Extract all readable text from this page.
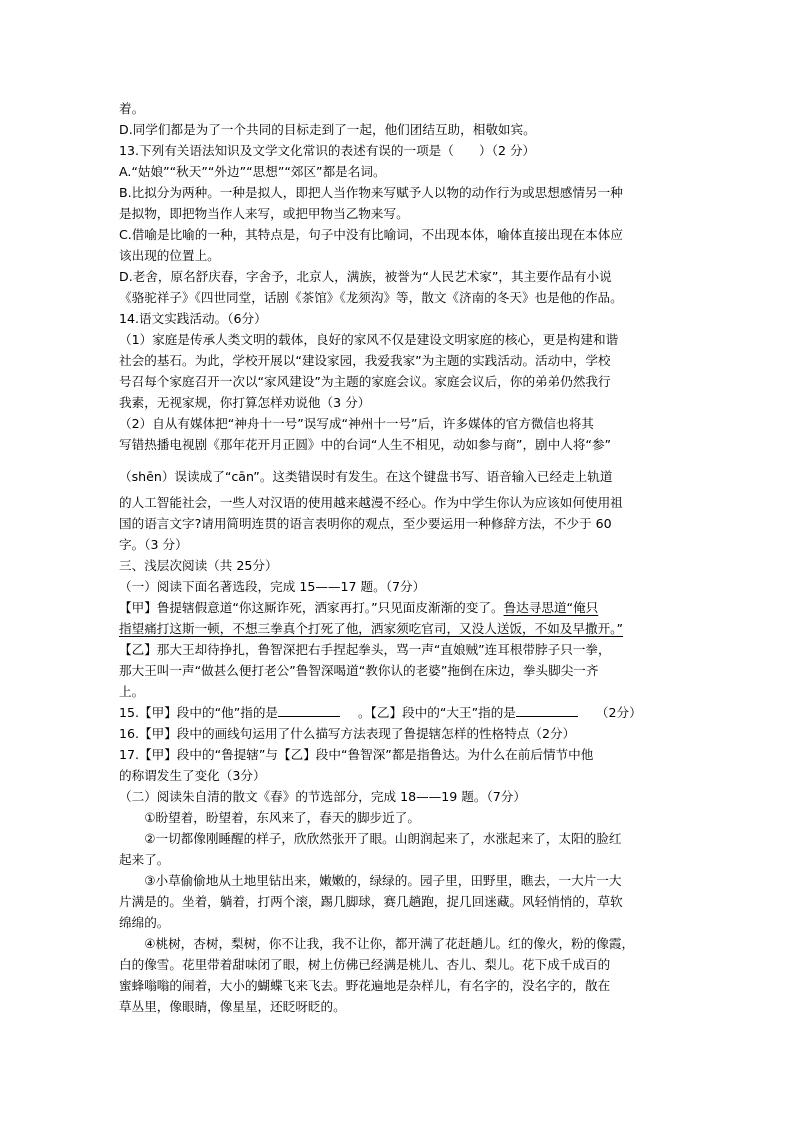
着。
D.同学们都是为了一个共同的目标走到了一起，他们团结互助，相敬如宾。
13.下列有关语法知识及文学文化常识的表述有误的一项是（　　）（2 分）
A.“姑娘”“秋天”“外边”“思想”“郊区”都是名词。
B.比拟分为两种。一种是拟人，即把人当作物来写赋予人以物的动作行为或思想感情另一种
是拟物，即把物当作人来写，或把甲物当乙物来写。
C.借喻是比喻的一种，其特点是，句子中没有比喻词，不出现本体，喻体直接出现在本体应
该出现的位置上。
D.老舍，原名舒庆春，字舍予，北京人，满族，被誉为“人民艺术家”，其主要作品有小说
《骆驼祥子》《四世同堂，话剧《茶馆》《龙须沟》等，散文《济南的冬天》也是他的作品。
14.语文实践活动。（6分）
（1）家庭是传承人类文明的载体，良好的家风不仅是建设文明家庭的核心，更是构建和谐
社会的基石。为此，学校开展以“建设家园，我爱我家”为主题的实践活动。活动中，学校
号召每个家庭召开一次以“家风建设”为主题的家庭会议。家庭会议后，你的弟弟仍然我行
我素，无视家规，你打算怎样劝说他（3 分）
（2）自从有媒体把“神舟十一号”误写成“神州十一号”后，许多媒体的官方微信也将其
写错热播电视剧《那年花开月正圆》中的台词“人生不相见，动如参与商”，剧中人将“参”
（shēn）误读成了“cān”。这类错误时有发生。在这个键盘书写、语音输入已经走上轨道
的人工智能社会，一些人对汉语的使用越来越漫不经心。作为中学生你认为应该如何使用祖
国的语言文字?请用简明连贯的语言表明你的观点，至少要运用一种修辞方法，不少于 60
字。（3 分）
三、浅层次阅读（共 25分）
（一）阅读下面名著选段，完成 15——17 题。（7分）
【甲】鲁提辖假意道“你这厮诈死，洒家再打。”只见面皮渐渐的变了。鲁达寻思道“俺只
指望痛打这斯一顿，不想三拳真个打死了他，洒家须吃官司，又没人送饭，不如及早撒开。”
【乙】那大王却待挣扎，鲁智深把右手捏起拳头，骂一声“直娘贼”连耳根带脖子只一拳，
那大王叫一声“做甚么便打老公”鲁智深喝道“教你认的老婆”拖倒在床边，拳头脚尖一齐
上。
15.【甲】段中的“他”指的是	。【乙】段中的“大王”指的是	（2分）
16.【甲】段中的画线句运用了什么描写方法表现了鲁提辖怎样的性格特点（2分）
17.【甲】段中的“鲁提辖”与【乙】段中“鲁智深”都是指鲁达。为什么在前后情节中他
的称谓发生了变化（3分）
（二）阅读朱自清的散文《春》的节选部分，完成 18——19 题。（7分）
　　①盼望着，盼望着，东风来了，春天的脚步近了。
　　②一切都像刚睡醒的样子，欣欣然张开了眼。山朗润起来了，水涨起来了，太阳的脸红
起来了。
　　③小草偷偷地从土地里钻出来，嫩嫩的，绿绿的。园子里，田野里，瞧去，一大片一大
片满是的。坐着，躺着，打两个滚，踢几脚球，赛几趟跑，捉几回迷藏。风轻悄悄的，草软
绵绵的。
　　④桃树，杏树，梨树，你不让我，我不让你，都开满了花赶趟儿。红的像火，粉的像霞，
白的像雪。花里带着甜味闭了眼，树上仿佛已经满是桃儿、杏儿、梨儿。花下成千成百的
蜜蜂嗡嗡的闹着，大小的蝴蝶飞来飞去。野花遍地是杂样儿，有名字的，没名字的，散在
草丛里，像眼睛，像星星，还眨呀眨的。
